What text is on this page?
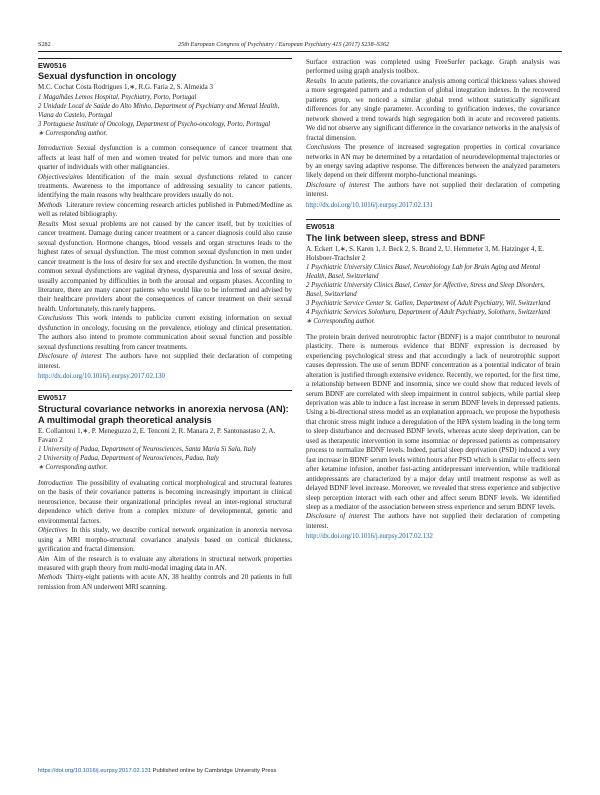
S282	25th European Congress of Psychiatry / European Psychiatry 41S (2017) S238–S362
EW0516
Sexual dysfunction in oncology
M.C. Cochat Costa Rodrigues 1,∗, R.G. Faria 2, S. Almeida 3
1 Magalhães Lemos Hospital, Psychiatry, Porto, Portugal
2 Unidade Local de Saúde do Alto Minho, Department of Psychiatry and Mental Health, Viana do Castelo, Portugal
3 Portuguese Institute of Oncology, Department of Psycho-oncology, Porto, Portugal
∗ Corresponding author.

Introduction Sexual dysfunction is a common consequence of cancer treatment that affects at least half of men and women treated for pelvic tumors and more than one quarter of individuals with other malignancies.

Objectives/aims Identification of the main sexual dysfunctions related to cancer treatments. Awareness to the importance of addressing sexuality to cancer patients, identifying the main reasons why healthcare providers usually do not.

Methods Literature review concerning research articles published in Pubmed/Medline as well as related bibliography.

Results Most sexual problems are not caused by the cancer itself, but by toxicities of cancer treatment. Damage during cancer treatment or a cancer diagnosis could also cause sexual dysfunction. Hormone changes, blood vessels and organ structures leads to the highest rates of sexual dysfunction. The most common sexual dysfunction in men under cancer treatment is the loss of desire for sex and erectile dysfunction. In women, the most common sexual dysfunctions are vaginal dryness, dyspareunia and loss of sexual desire, usually accompanied by difficulties in both the arousal and orgasm phases. According to literature, there are many cancer patients who would like to be informed and advised by their healthcare providers about the consequences of cancer treatment on their sexual health. Unfortunately, this rarely happens.

Conclusions This work intends to publicize current existing information on sexual dysfunction in oncology, focusing on the prevalence, etiology and clinical presentation. The authors also intend to promote communication about sexual function and possible sexual dysfunctions resulting from cancer treatments.

Disclosure of interest The authors have not supplied their declaration of competing interest.

http://dx.doi.org/10.1016/j.eurpsy.2017.02.130
EW0517
Structural covariance networks in anorexia nervosa (AN): A multimodal graph theoretical analysis
E. Collantoni 1,∗, P. Meneguzzo 2, E. Tenconi 2, R. Manara 2, P. Santonastaso 2, A. Favaro 2
1 University of Padua, Department of Neurosciences, Santa Maria Si Sala, Italy
2 University of Padua, Department of Neurosciences, Padua, Italy
∗ Corresponding author.

Introduction The possibility of evaluating cortical morphological and structural features on the basis of their covariance patterns is becoming increasingly important in clinical neuroscience, because their organizational principles reveal an inter-regional structural dependence which derive from a complex mixture of developmental, genetic and environmental factors.

Objectives In this study, we describe cortical network organization in anorexia nervosa using a MRI morpho-structural covariance analysis based on cortical thickness, gyrification and fractal dimension.

Aim Aim of the research is to evaluate any alterations in structural network properties measured with graph theory from multi-modal imaging data in AN.

Methods Thirty-eight patients with acute AN, 38 healthy controls and 20 patients in full remission from AN underwent MRI scanning.

Surface extraction was completed using FreeSurfer package. Graph analysis was performed using graph analysis toolbox.

Results In acute patients, the covariance analysis among cortical thickness values showed a more segregated pattern and a reduction of global integration indexes. In the recovered patients group, we noticed a similar global trend without statistically significant differences for any single parameter. According to gyrification indexes, the covariance network showed a trend towards high segregation both in acute and recovered patients. We did not observe any significant difference in the covariance networks in the analysis of fractal dimension.

Conclusions The presence of increased segregation properties in cortical covariance networks in AN may be determined by a retardation of neurodevelopmental trajectories or by an energy saving adaptive response. The differences between the analyzed parameters likely depend on their different morpho-functional meanings.

Disclosure of interest The authors have not supplied their declaration of competing interest.

http://dx.doi.org/10.1016/j.eurpsy.2017.02.131
EW0518
The link between sleep, stress and BDNF
A. Eckert 1,∗, S. Karen 1, J. Beck 2, S. Brand 2, U. Hemmeter 3, M. Hatzinger 4, E. Holsboer-Trachsler 2
1 Psychiatric University Clinics Basel, Neurobiology Lab for Brain Aging and Mental Health, Basel, Switzerland
2 Psychiatric University Clinics Basel, Center for Affective, Stress and Sleep Disorders, Basel, Switzerland
3 Psychiatric Service Center St. Gallen, Department of Adult Psychiatry, Wil, Switzerland
4 Psychiatric Services Solothurn, Department of Adult Psychiatry, Solothurn, Switzerland
∗ Corresponding author.

The protein brain derived neurotrophic factor (BDNF) is a major contributor to neuronal plasticity. There is numerous evidence that BDNF expression is decreased by experiencing psychological stress and that accordingly a lack of neurotrophic support causes depression. The use of serum BDNF concentration as a potential indicator of brain alteration is justified through extensive evidence. Recently, we reported, for the first time, a relationship between BDNF and insomnia, since we could show that reduced levels of serum BDNF are correlated with sleep impairment in control subjects, while partial sleep deprivation was able to induce a fast increase in serum BDNF levels in depressed patients. Using a bi-directional stress model as an explanation approach, we propose the hypothesis that chronic stress might induce a deregulation of the HPA system leading in the long term to sleep disturbance and decreased BDNF levels, whereas acute sleep deprivation, can be used as therapeutic intervention in some insomniac or depressed patients as compensatory process to normalize BDNF levels. Indeed, partial sleep deprivation (PSD) induced a very fast increase in BDNF serum levels within hours after PSD which is similar to effects seen after ketamine infusion, another fast-acting antidepressant intervention, while traditional antidepressants are characterized by a major delay until treatment response as well as delayed BDNF level increase. Moreover, we revealed that stress experience and subjective sleep perception interact with each other and affect serum BDNF levels. We identified sleep as a mediator of the association between stress experience and serum BDNF levels.

Disclosure of interest The authors have not supplied their declaration of competing interest.

http://dx.doi.org/10.1016/j.eurpsy.2017.02.132
https://doi.org/10.1016/j.eurpsy.2017.02.131 Published online by Cambridge University Press
